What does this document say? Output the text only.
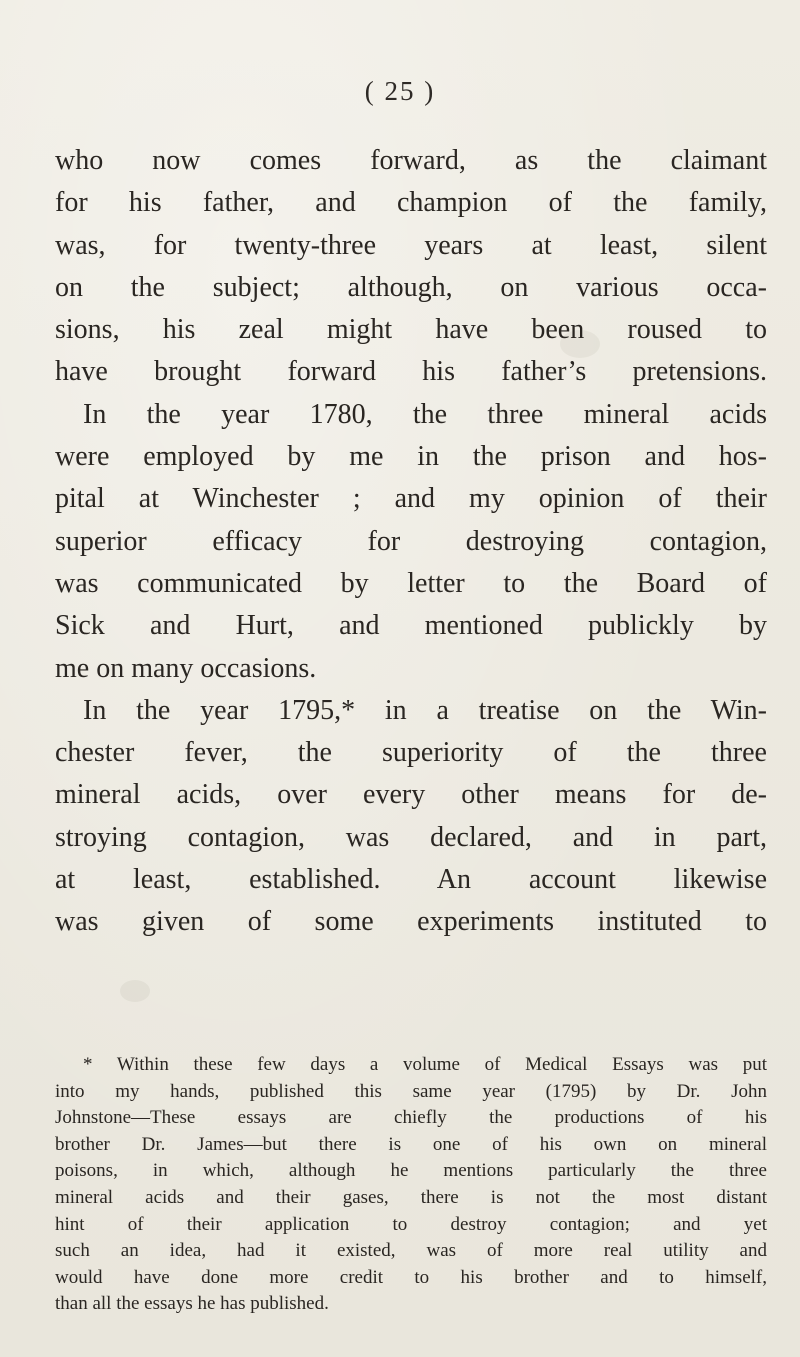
( 25 )
who now comes forward, as the claimant
for his father, and champion of the family,
was, for twenty-three years at least, silent
on the subject; although, on various occa-
sions, his zeal might have been roused to
have brought forward his father’s pretensions.
In the year 1780, the three mineral acids
were employed by me in the prison and hos-
pital at Winchester ; and my opinion of their
superior efficacy for destroying contagion,
was communicated by letter to the Board of
Sick and Hurt, and mentioned publickly by
me on many occasions.
In the year 1795,* in a treatise on the Win-
chester fever, the superiority of the three
mineral acids, over every other means for de-
stroying contagion, was declared, and in part,
at least, established. An account likewise
was given of some experiments instituted to
* Within these few days a volume of Medical Essays was put
into my hands, published this same year (1795) by Dr. John
Johnstone—These essays are chiefly the productions of his
brother Dr. James—but there is one of his own on mineral
poisons, in which, although he mentions particularly the three
mineral acids and their gases, there is not the most distant
hint of their application to destroy contagion; and yet
such an idea, had it existed, was of more real utility and
would have done more credit to his brother and to himself,
than all the essays he has published.
